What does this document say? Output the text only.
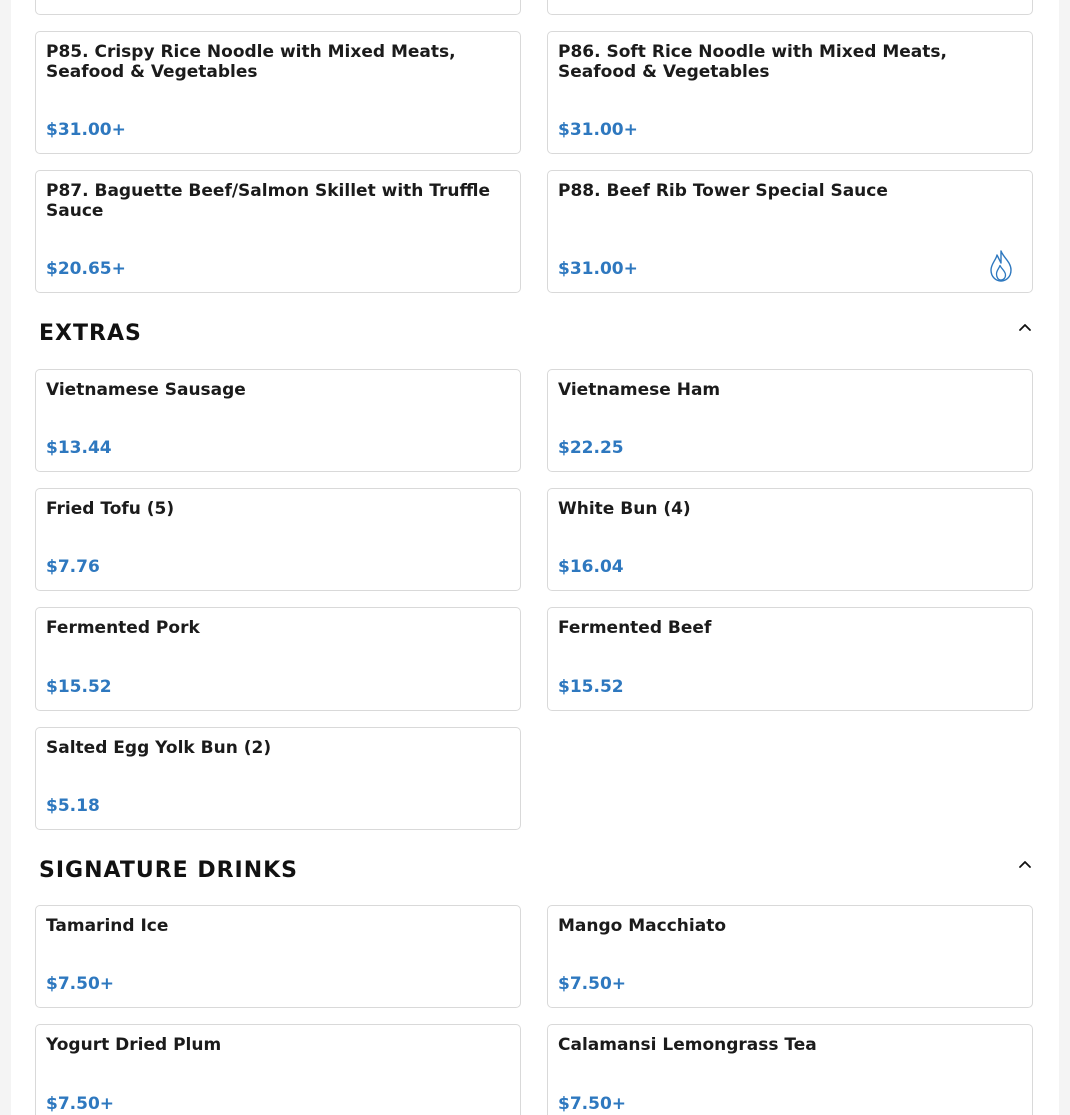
P85. Crispy Rice Noodle with Mixed Meats, Seafood & Vegetables
$31.00+
P86. Soft Rice Noodle with Mixed Meats, Seafood & Vegetables
$31.00+
P87. Baguette Beef/Salmon Skillet with Truffle Sauce
$20.65+
P88. Beef Rib Tower Special Sauce
$31.00+
EXTRAS
Vietnamese Sausage
$13.44
Vietnamese Ham
$22.25
Fried Tofu (5)
$7.76
White Bun (4)
$16.04
Fermented Pork
$15.52
Fermented Beef
$15.52
Salted Egg Yolk Bun (2)
$5.18
SIGNATURE DRINKS
Tamarind Ice
$7.50+
Mango Macchiato
$7.50+
Yogurt Dried Plum
$7.50+
Calamansi Lemongrass Tea
$7.50+
